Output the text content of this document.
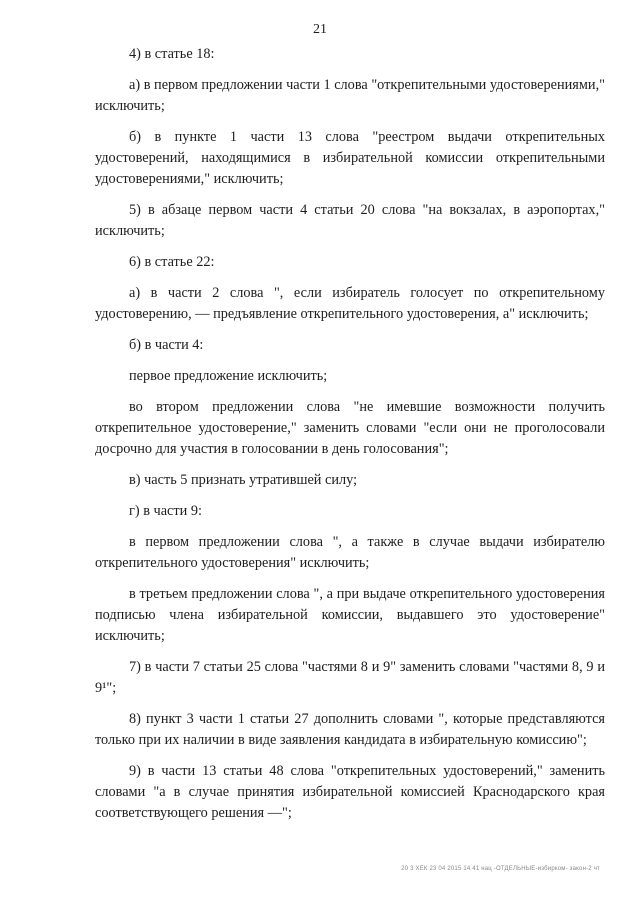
21

4) в статье 18:

а) в первом предложении части 1 слова "открепительными удостоверениями," исключить;

б) в пункте 1 части 13 слова "реестром выдачи открепительных удостоверений, находящимися в избирательной комиссии открепительными удостоверениями," исключить;

5) в абзаце первом части 4 статьи 20 слова "на вокзалах, в аэропортах," исключить;

6) в статье 22:

а) в части 2 слова ", если избиратель голосует по открепительному удостоверению, — предъявление открепительного удостоверения, а" исключить;

б) в части 4:

первое предложение исключить;

во втором предложении слова "не имевшие возможности получить открепительное удостоверение," заменить словами "если они не проголосовали досрочно для участия в голосовании в день голосования";

в) часть 5 признать утратившей силу;

г) в части 9:

в первом предложении слова ", а также в случае выдачи избирателю открепительного удостоверения" исключить;

в третьем предложении слова ", а при выдаче открепительного удостоверения подписью члена избирательной комиссии, выдавшего это удостоверение" исключить;

7) в части 7 статьи 25 слова "частями 8 и 9" заменить словами "частями 8, 9 и 9¹";

8) пункт 3 части 1 статьи 27 дополнить словами ", которые представляются только при их наличии в виде заявления кандидата в избирательную комиссию";

9) в части 13 статьи 48 слова "открепительных удостоверений," заменить словами "а в случае принятия избирательной комиссией Краснодарского края соответствующего решения —";

20 3 ХЕК 23 04 2015 14 41 нац -ОТДЕЛЬНЫЕ-избирком- закон-2 чт
